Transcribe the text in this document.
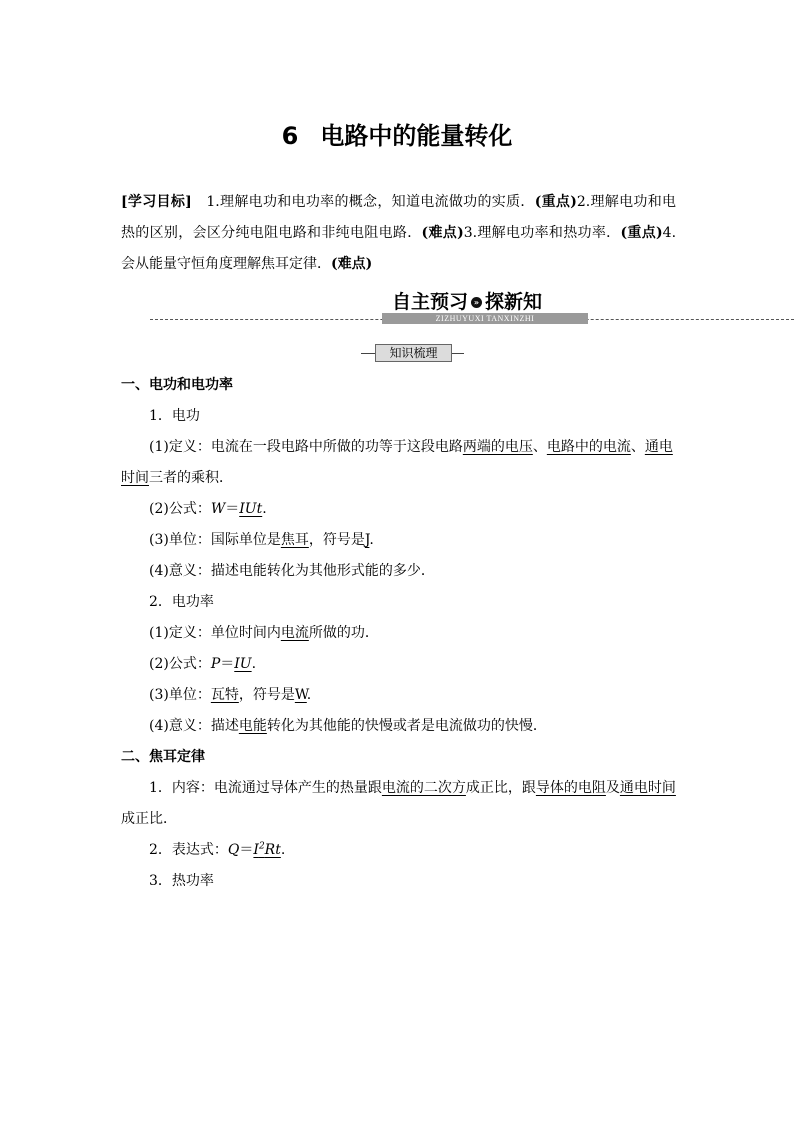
6 电路中的能量转化
[学习目标]　 1.理解电功和电功率的概念，知道电流做功的实质．(重点)2.理解电功和电热的区别，会区分纯电阻电路和非纯电阻电路．(难点)3.理解电功率和热功率．(重点)4.会从能量守恒角度理解焦耳定律．(难点)
自主预习 » 探新知
ZIZHUYUXI TANXINZHI
知识梳理

一、电功和电功率

1．电功

(1)定义：电流在一段电路中所做的功等于这段电路两端的电压、电路中的电流、通电时间三者的乘积．

(2)公式：W＝IUt.

(3)单位：国际单位是焦耳，符号是J.

(4)意义：描述电能转化为其他形式能的多少．

2．电功率

(1)定义：单位时间内电流所做的功．

(2)公式：P＝IU.

(3)单位：瓦特，符号是W.

(4)意义：描述电能转化为其他能的快慢或者是电流做功的快慢．

二、焦耳定律

1．内容：电流通过导体产生的热量跟电流的二次方成正比，跟导体的电阻及通电时间成正比．

2．表达式：$Q=I^2Rt$.

3．热功率
